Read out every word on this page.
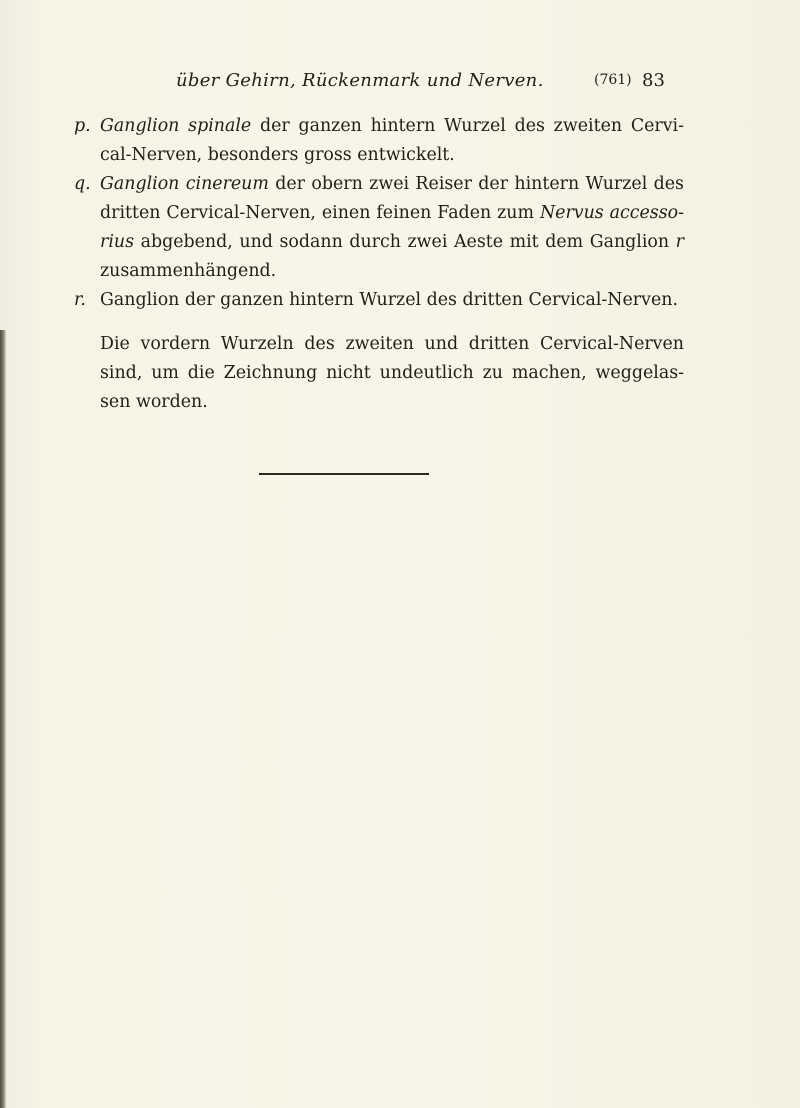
über Gehirn, Rückenmark und Nerven.	(761) 83
p. Ganglion spinale der ganzen hintern Wurzel des zweiten Cervi-cal-Nerven, besonders gross entwickelt.
q. Ganglion cinereum der obern zwei Reiser der hintern Wurzel des dritten Cervical-Nerven, einen feinen Faden zum Nervus accesso-rius abgebend, und sodann durch zwei Aeste mit dem Ganglion r zusammenhängend.
r. Ganglion der ganzen hintern Wurzel des dritten Cervical-Nerven.
Die vordern Wurzeln des zweiten und dritten Cervical-Nerven sind, um die Zeichnung nicht undeutlich zu machen, weggelas-sen worden.
